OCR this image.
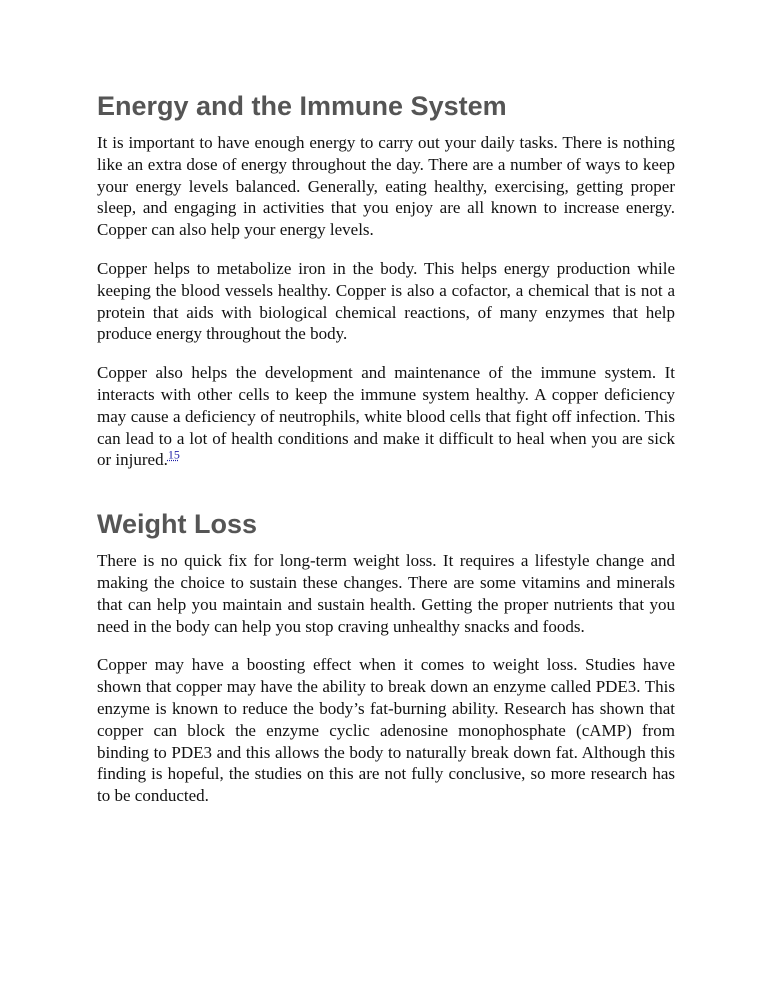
Energy and the Immune System

It is important to have enough energy to carry out your daily tasks. There is nothing like an extra dose of energy throughout the day. There are a number of ways to keep your energy levels balanced. Generally, eating healthy, exercising, getting proper sleep, and engaging in activities that you enjoy are all known to increase energy. Copper can also help your energy levels.

Copper helps to metabolize iron in the body. This helps energy production while keeping the blood vessels healthy. Copper is also a cofactor, a chemical that is not a protein that aids with biological chemical reactions, of many enzymes that help produce energy throughout the body.

Copper also helps the development and maintenance of the immune system. It interacts with other cells to keep the immune system healthy. A copper deficiency may cause a deficiency of neutrophils, white blood cells that fight off infection. This can lead to a lot of health conditions and make it difficult to heal when you are sick or injured.$^{15}$

Weight Loss

There is no quick fix for long-term weight loss. It requires a lifestyle change and making the choice to sustain these changes. There are some vitamins and minerals that can help you maintain and sustain health. Getting the proper nutrients that you need in the body can help you stop craving unhealthy snacks and foods.

Copper may have a boosting effect when it comes to weight loss. Studies have shown that copper may have the ability to break down an enzyme called PDE3. This enzyme is known to reduce the body’s fat-burning ability. Research has shown that copper can block the enzyme cyclic adenosine monophosphate (cAMP) from binding to PDE3 and this allows the body to naturally break down fat. Although this finding is hopeful, the studies on this are not fully conclusive, so more research has to be conducted.
